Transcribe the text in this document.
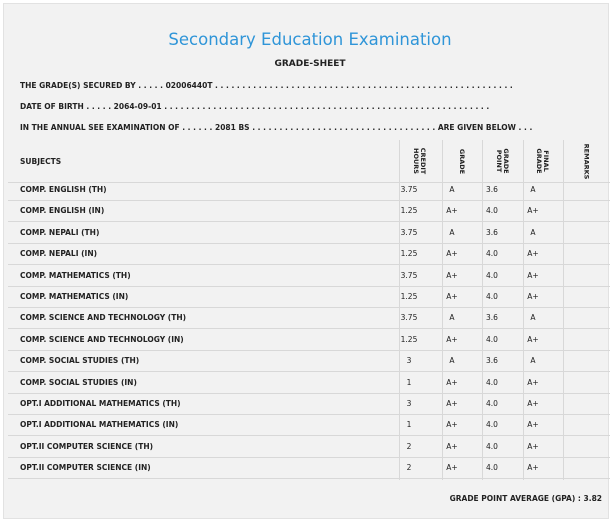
Secondary Education Examination
GRADE-SHEET
THE GRADE(S) SECURED BY . . . . . 02006440T . . . . . . . . . . . . . . . . . . . . . . . . . . . . . . . . . . . . . . . . . . . . . . . . . . . . . . .
DATE OF BIRTH . . . . . 2064-09-01 . . . . . . . . . . . . . . . . . . . . . . . . . . . . . . . . . . . . . . . . . . . . . . . . . . . . . . . . . . . .
IN THE ANNUAL SEE EXAMINATION OF . . . . . . 2081 BS . . . . . . . . . . . . . . . . . . . . . . . . . . . . . . . . . . ARE GIVEN BELOW . . .
SUBJECTS	CREDIT HOURS	GRADE	GRADE POINT	FINAL GRADE	REMARKS
COMP. ENGLISH (TH)	3.75	A	3.6	A
COMP. ENGLISH (IN)	1.25	A+	4.0	A+
COMP. NEPALI (TH)	3.75	A	3.6	A
COMP. NEPALI (IN)	1.25	A+	4.0	A+
COMP. MATHEMATICS (TH)	3.75	A+	4.0	A+
COMP. MATHEMATICS (IN)	1.25	A+	4.0	A+
COMP. SCIENCE AND TECHNOLOGY (TH)	3.75	A	3.6	A
COMP. SCIENCE AND TECHNOLOGY (IN)	1.25	A+	4.0	A+
COMP. SOCIAL STUDIES (TH)	3	A	3.6	A
COMP. SOCIAL STUDIES (IN)	1	A+	4.0	A+
OPT.I ADDITIONAL MATHEMATICS (TH)	3	A+	4.0	A+
OPT.I ADDITIONAL MATHEMATICS (IN)	1	A+	4.0	A+
OPT.II COMPUTER SCIENCE (TH)	2	A+	4.0	A+
OPT.II COMPUTER SCIENCE (IN)	2	A+	4.0	A+
GRADE POINT AVERAGE (GPA) : 3.82
